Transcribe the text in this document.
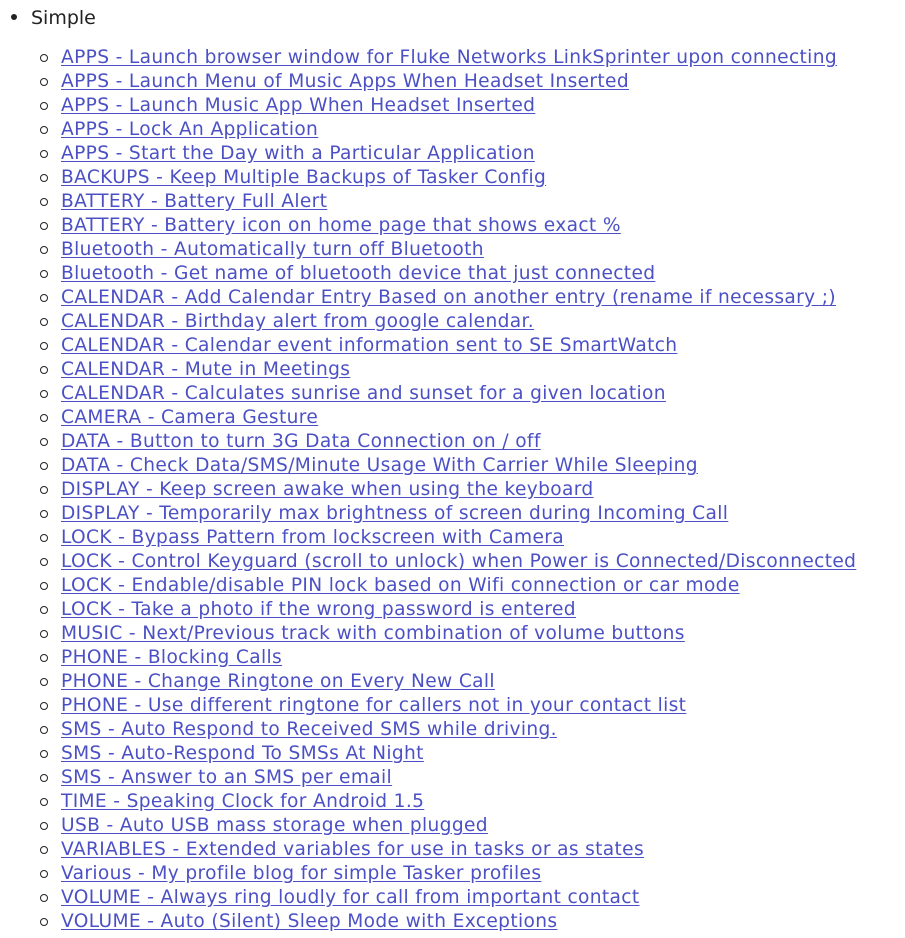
Simple
APPS - Launch browser window for Fluke Networks LinkSprinter upon connecting
APPS - Launch Menu of Music Apps When Headset Inserted
APPS - Launch Music App When Headset Inserted
APPS - Lock An Application
APPS - Start the Day with a Particular Application
BACKUPS - Keep Multiple Backups of Tasker Config
BATTERY - Battery Full Alert
BATTERY - Battery icon on home page that shows exact %
Bluetooth - Automatically turn off Bluetooth
Bluetooth - Get name of bluetooth device that just connected
CALENDAR - Add Calendar Entry Based on another entry (rename if necessary ;)
CALENDAR - Birthday alert from google calendar.
CALENDAR - Calendar event information sent to SE SmartWatch
CALENDAR - Mute in Meetings
CALENDAR - Calculates sunrise and sunset for a given location
CAMERA - Camera Gesture
DATA - Button to turn 3G Data Connection on / off
DATA - Check Data/SMS/Minute Usage With Carrier While Sleeping
DISPLAY - Keep screen awake when using the keyboard
DISPLAY - Temporarily max brightness of screen during Incoming Call
LOCK - Bypass Pattern from lockscreen with Camera
LOCK - Control Keyguard (scroll to unlock) when Power is Connected/Disconnected
LOCK - Endable/disable PIN lock based on Wifi connection or car mode
LOCK - Take a photo if the wrong password is entered
MUSIC - Next/Previous track with combination of volume buttons
PHONE - Blocking Calls
PHONE - Change Ringtone on Every New Call
PHONE - Use different ringtone for callers not in your contact list
SMS - Auto Respond to Received SMS while driving.
SMS - Auto-Respond To SMSs At Night
SMS - Answer to an SMS per email
TIME - Speaking Clock for Android 1.5
USB - Auto USB mass storage when plugged
VARIABLES - Extended variables for use in tasks or as states
Various - My profile blog for simple Tasker profiles
VOLUME - Always ring loudly for call from important contact
VOLUME - Auto (Silent) Sleep Mode with Exceptions
